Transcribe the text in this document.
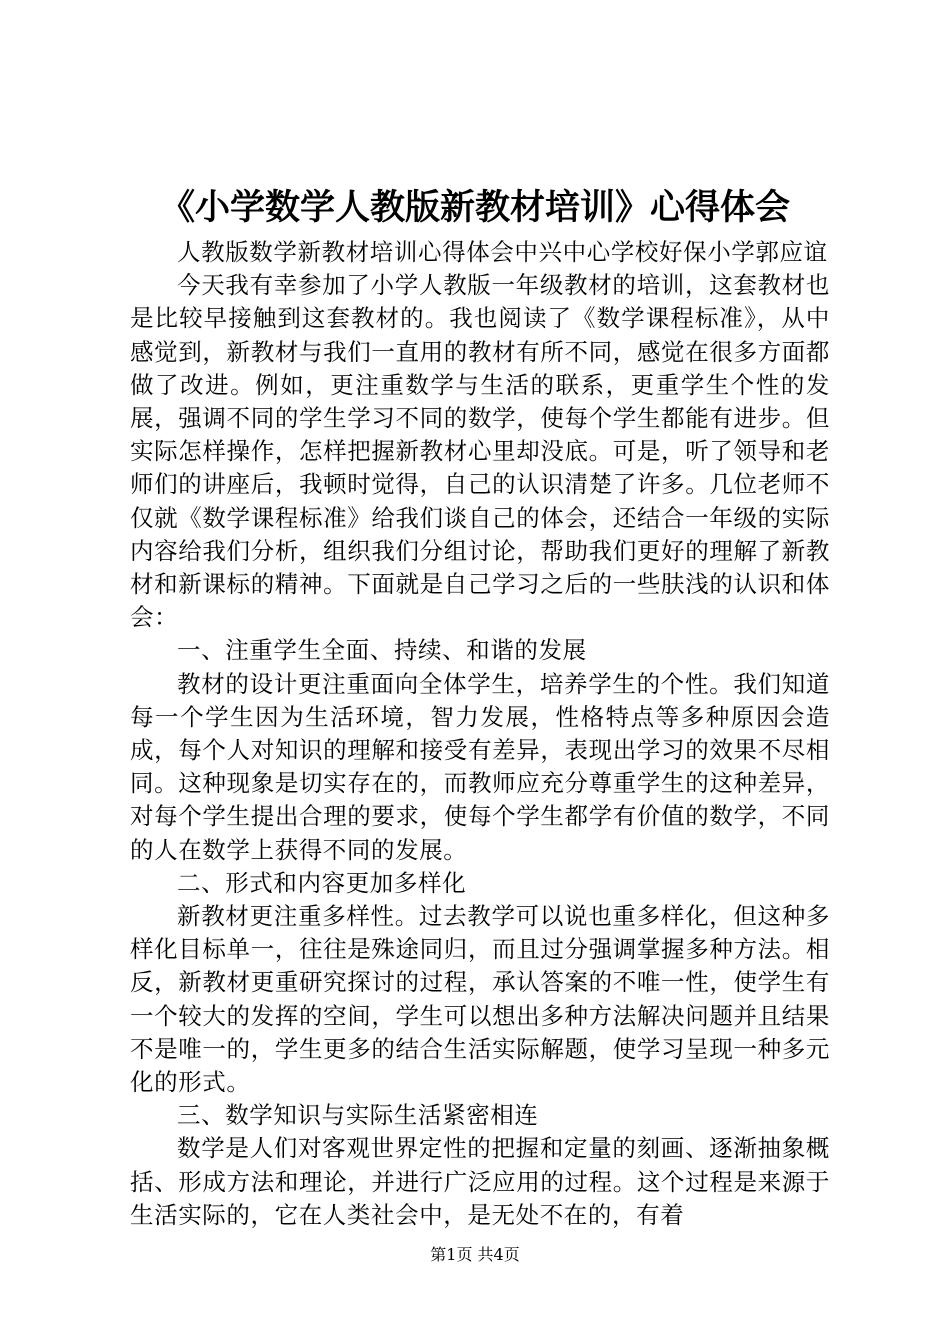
《小学数学人教版新教材培训》心得体会

人教版数学新教材培训心得体会中兴中心学校好保小学郭应谊

今天我有幸参加了小学人教版一年级教材的培训，这套教材也是比较早接触到这套教材的。我也阅读了《数学课程标准》，从中感觉到，新教材与我们一直用的教材有所不同，感觉在很多方面都做了改进。例如，更注重数学与生活的联系，更重学生个性的发展，强调不同的学生学习不同的数学，使每个学生都能有进步。但实际怎样操作，怎样把握新教材心里却没底。可是，听了领导和老师们的讲座后，我顿时觉得，自己的认识清楚了许多。几位老师不仅就《数学课程标准》给我们谈自己的体会，还结合一年级的实际内容给我们分析，组织我们分组讨论，帮助我们更好的理解了新教材和新课标的精神。下面就是自己学习之后的一些肤浅的认识和体会：

一、注重学生全面、持续、和谐的发展

教材的设计更注重面向全体学生，培养学生的个性。我们知道每一个学生因为生活环境，智力发展，性格特点等多种原因会造成，每个人对知识的理解和接受有差异，表现出学习的效果不尽相同。这种现象是切实存在的，而教师应充分尊重学生的这种差异，对每个学生提出合理的要求，使每个学生都学有价值的数学，不同的人在数学上获得不同的发展。

二、形式和内容更加多样化

新教材更注重多样性。过去教学可以说也重多样化，但这种多样化目标单一，往往是殊途同归，而且过分强调掌握多种方法。相反，新教材更重研究探讨的过程，承认答案的不唯一性，使学生有一个较大的发挥的空间，学生可以想出多种方法解决问题并且结果不是唯一的，学生更多的结合生活实际解题，使学习呈现一种多元化的形式。

三、数学知识与实际生活紧密相连

数学是人们对客观世界定性的把握和定量的刻画、逐渐抽象概括、形成方法和理论，并进行广泛应用的过程。这个过程是来源于生活实际的，它在人类社会中，是无处不在的，有着

第1页 共4页
